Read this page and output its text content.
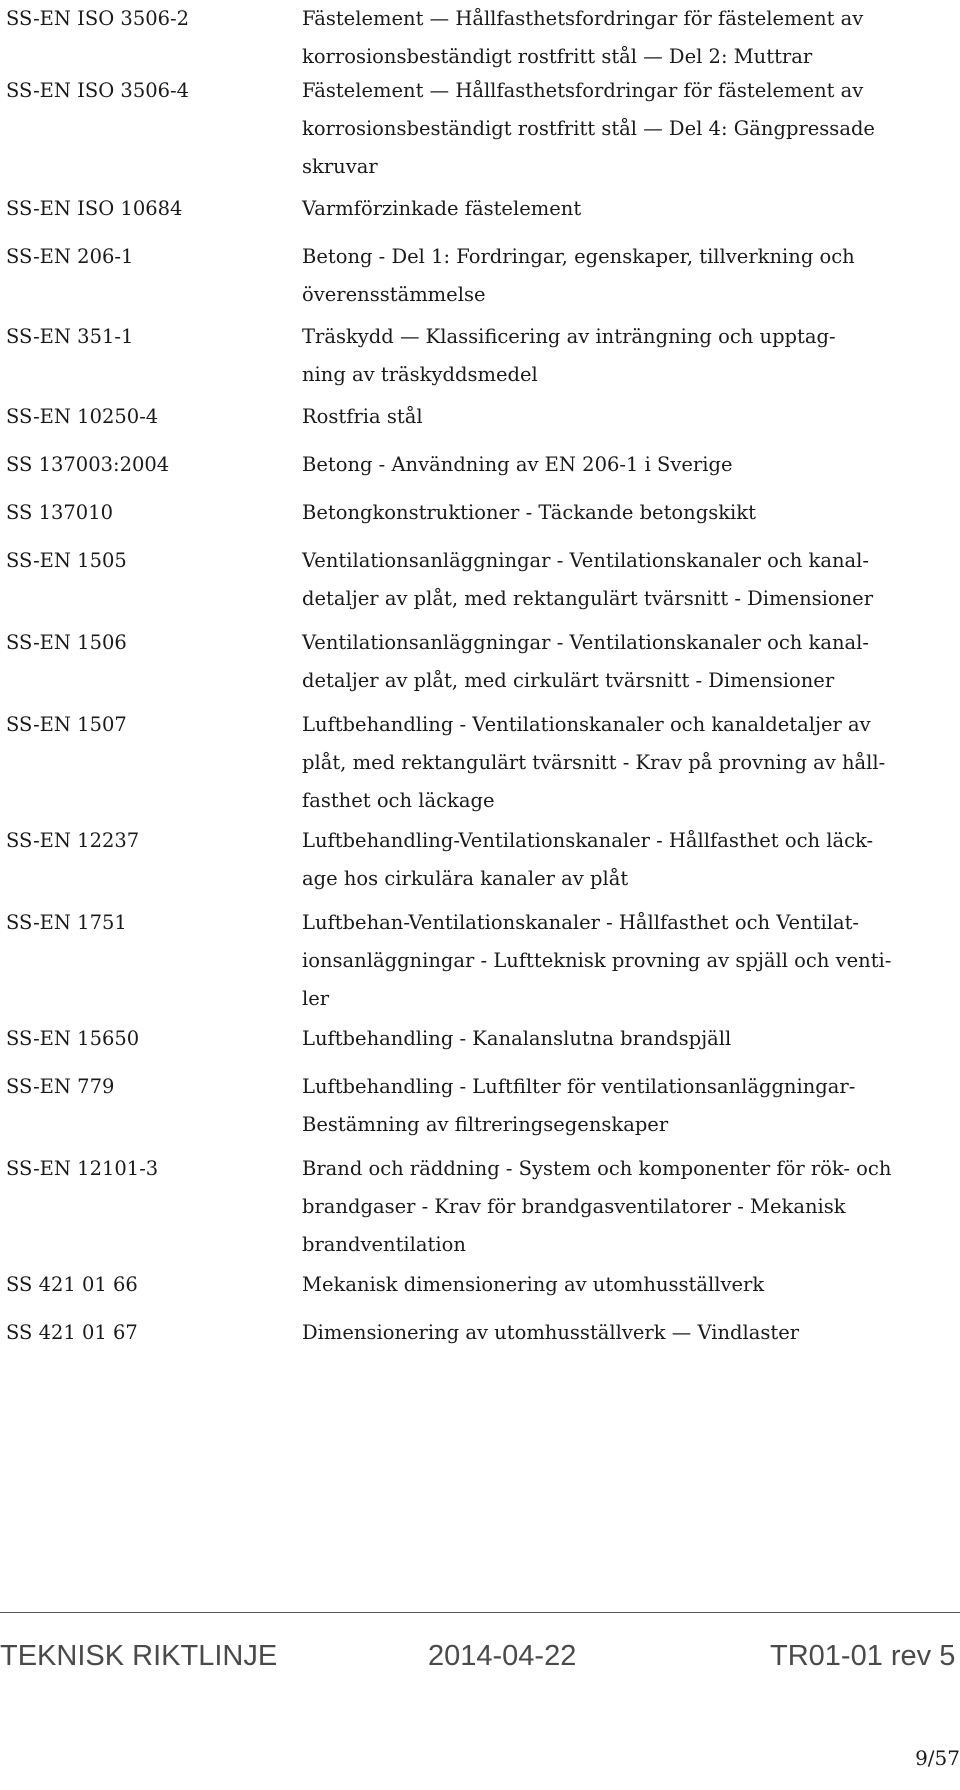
SS-EN ISO 3506-2	Fästelement — Hållfasthetsfordringar för fästelement av
korrosionsbeständigt rostfritt stål — Del 2: Muttrar
SS-EN ISO 3506-4	Fästelement — Hållfasthetsfordringar för fästelement av
korrosionsbeständigt rostfritt stål — Del 4: Gängpressade
skruvar
SS-EN ISO 10684	Varmförzinkade fästelement
SS-EN 206-1	Betong - Del 1: Fordringar, egenskaper, tillverkning och
överensstämmelse
SS-EN 351-1	Träskydd — Klassificering av inträngning och upptag-
ning av träskyddsmedel
SS-EN 10250-4	Rostfria stål
SS 137003:2004	Betong - Användning av EN 206-1 i Sverige
SS 137010	Betongkonstruktioner - Täckande betongskikt
SS-EN 1505	Ventilationsanläggningar - Ventilationskanaler och kanal-
detaljer av plåt, med rektangulärt tvärsnitt - Dimensioner
SS-EN 1506	Ventilationsanläggningar - Ventilationskanaler och kanal-
detaljer av plåt, med cirkulärt tvärsnitt - Dimensioner
SS-EN 1507	Luftbehandling - Ventilationskanaler och kanaldetaljer av
plåt, med rektangulärt tvärsnitt - Krav på provning av håll-
fasthet och läckage
SS-EN 12237	Luftbehandling-Ventilationskanaler - Hållfasthet och läck-
age hos cirkulära kanaler av plåt
SS-EN 1751	Luftbehan-Ventilationskanaler - Hållfasthet och Ventilat-
ionsanläggningar - Luftteknisk provning av spjäll och venti-
ler
SS-EN 15650	Luftbehandling - Kanalanslutna brandspjäll
SS-EN 779	Luftbehandling - Luftfilter för ventilationsanläggningar-
Bestämning av filtreringsegenskaper
SS-EN 12101-3	Brand och räddning - System och komponenter för rök- och
brandgaser - Krav för brandgasventilatorer - Mekanisk
brandventilation
SS 421 01 66	Mekanisk dimensionering av utomhusställverk
SS 421 01 67	Dimensionering av utomhusställverk — Vindlaster
TEKNISK RIKTLINJE	2014-04-22	TR01-01 rev 5
9/57
